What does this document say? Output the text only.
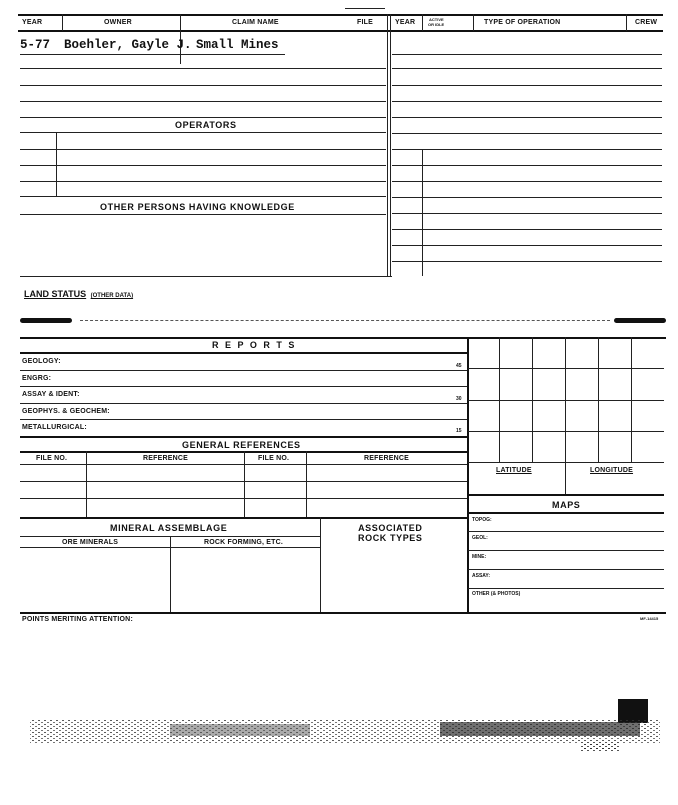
YEAR	OWNER	CLAIM NAME	FILE	YEAR	ACTIVE
OR IDLE	TYPE OF OPERATION	CREW
5-77 Boehler, Gayle J. Small Mines
OPERATORS
OTHER PERSONS HAVING KNOWLEDGE
LAND STATUS (OTHER DATA)
R E P O R T S
GEOLOGY:
ENGRG:
ASSAY & IDENT:
GEOPHYS. & GEOCHEM:
METALLURGICAL:
45
30
15
GENERAL REFERENCES
FILE NO.	REFERENCE	FILE NO.	REFERENCE
MINERAL ASSEMBLAGE
ORE MINERALS	ROCK FORMING, ETC.
ASSOCIATED
ROCK TYPES
LATITUDE	LONGITUDE
MAPS
TOPOG:
GEOL:
MINE:
ASSAY:
OTHER (& PHOTOS)
POINTS MERITING ATTENTION:	MF-14415
